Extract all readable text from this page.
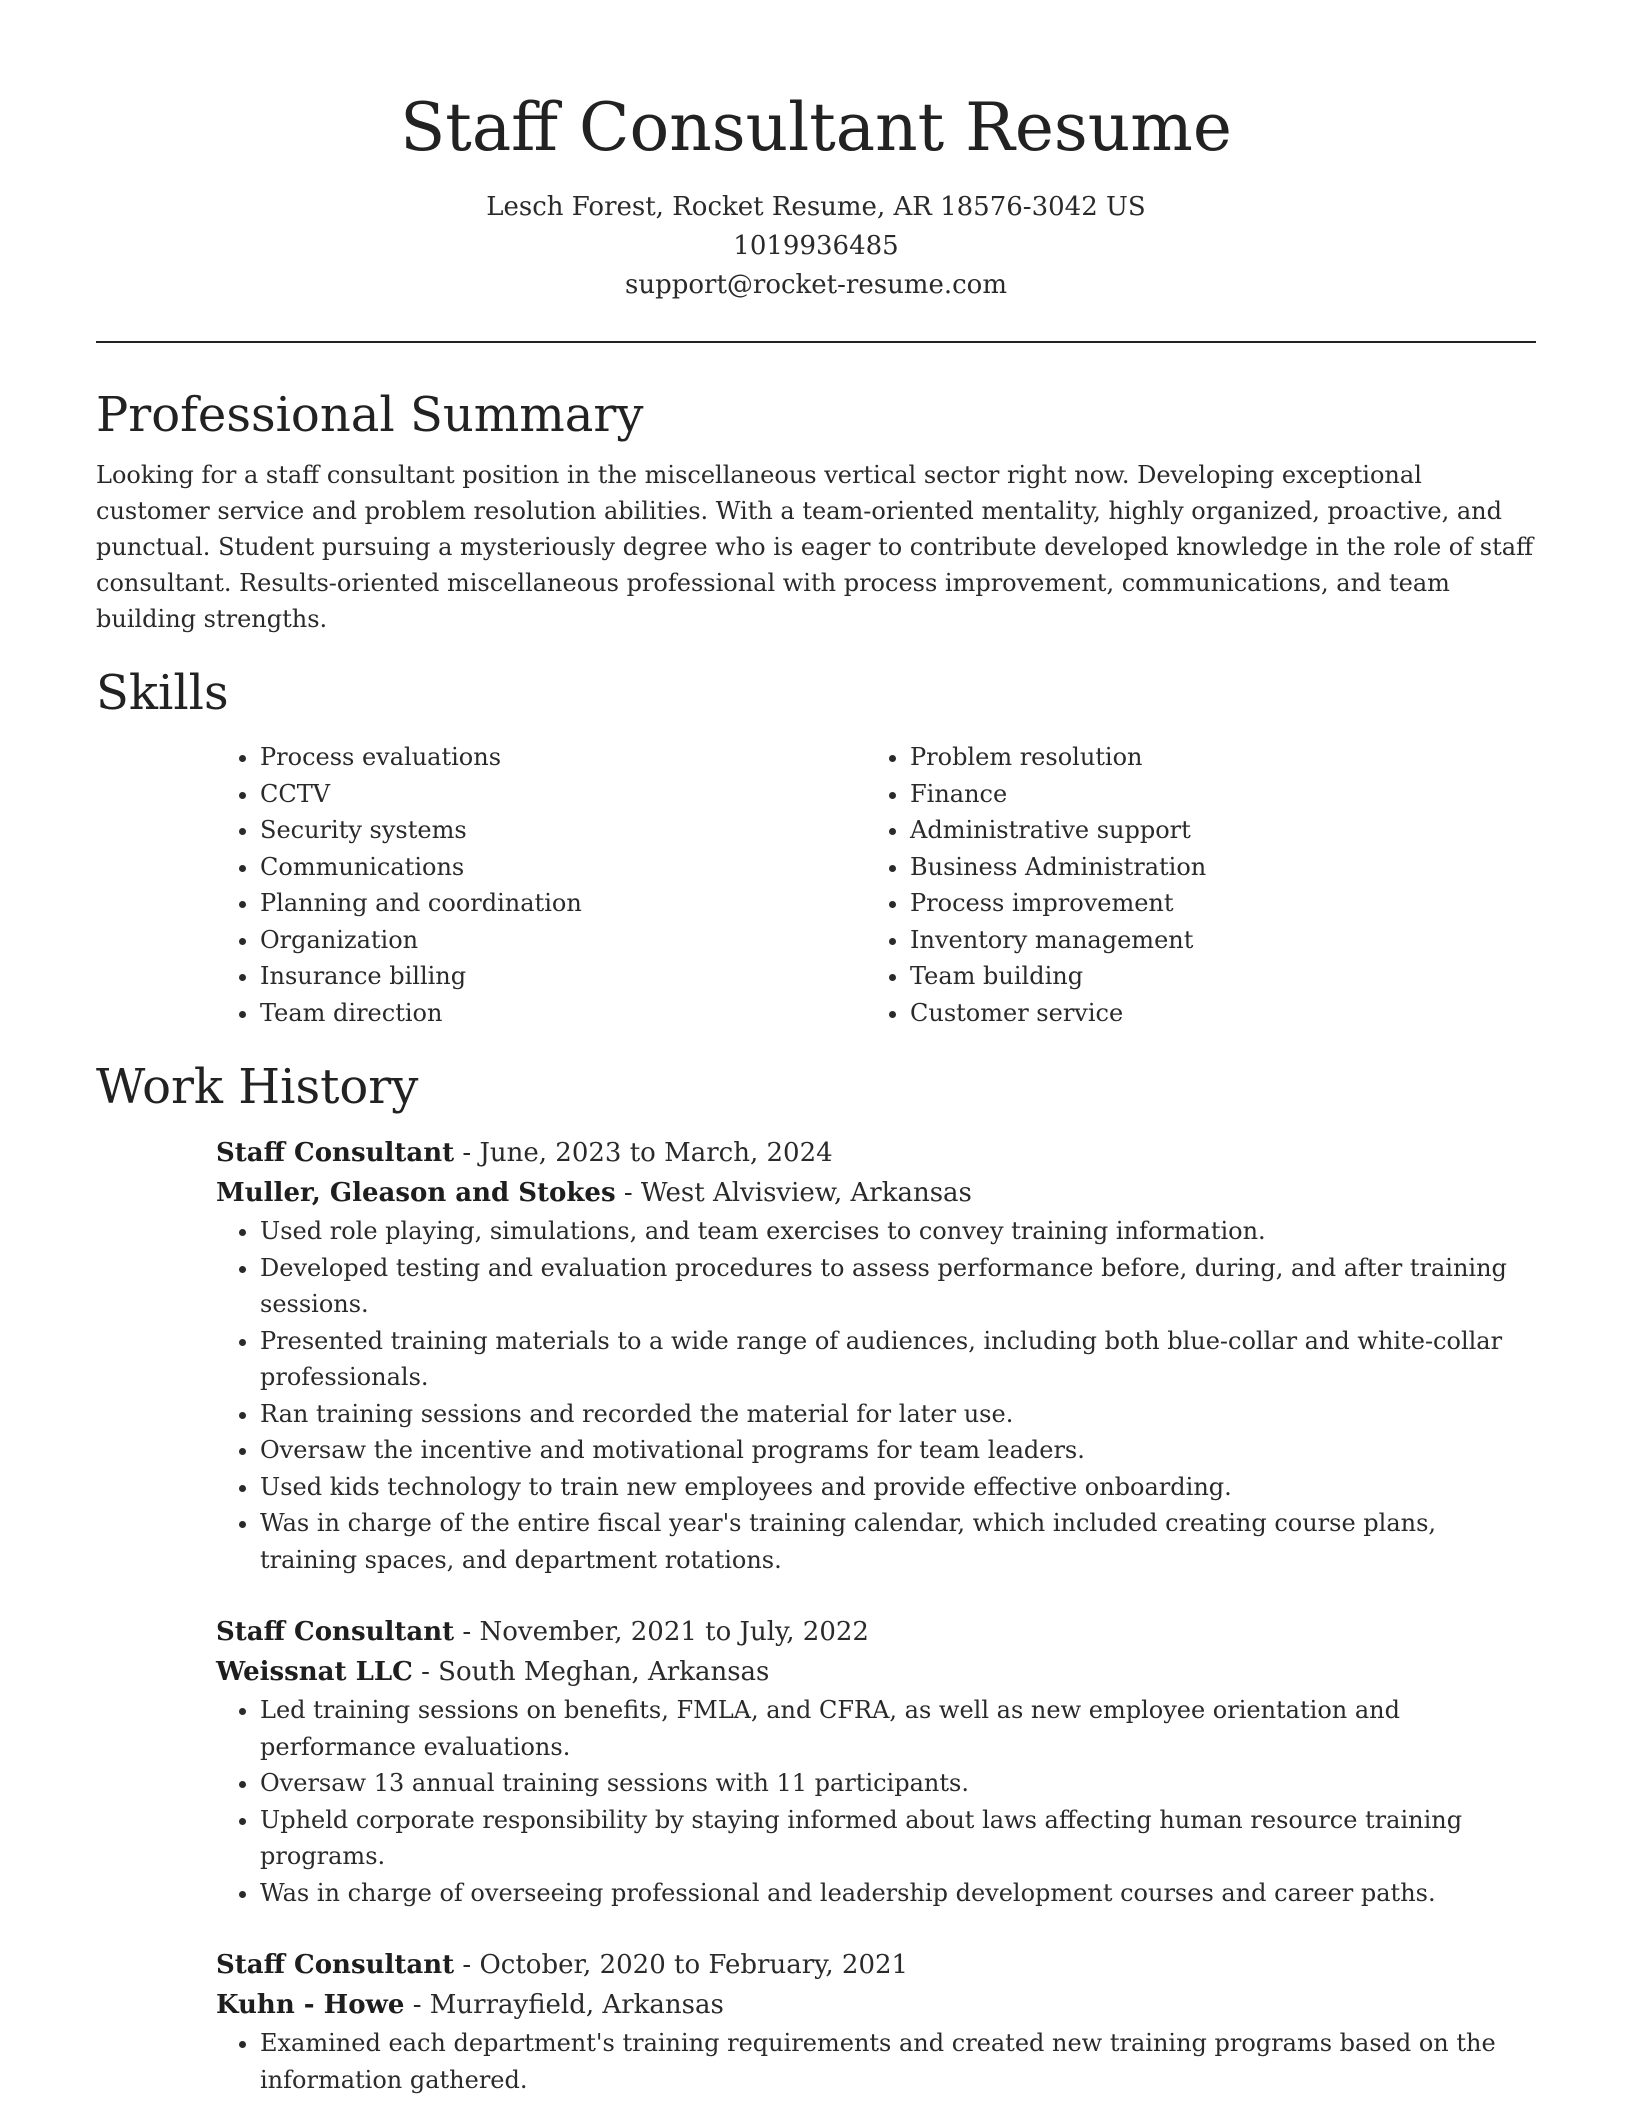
Staff Consultant Resume
Lesch Forest, Rocket Resume, AR 18576-3042 US
1019936485
support@rocket-resume.com
Professional Summary

Looking for a staff consultant position in the miscellaneous vertical sector right now. Developing exceptional customer service and problem resolution abilities. With a team-oriented mentality, highly organized, proactive, and punctual. Student pursuing a mysteriously degree who is eager to contribute developed knowledge in the role of staff consultant. Results-oriented miscellaneous professional with process improvement, communications, and team building strengths.

Skills
• Process evaluations
• CCTV
• Security systems
• Communications
• Planning and coordination
• Organization
• Insurance billing
• Team direction
• Problem resolution
• Finance
• Administrative support
• Business Administration
• Process improvement
• Inventory management
• Team building
• Customer service
Work History
Staff Consultant - June, 2023 to March, 2024
Muller, Gleason and Stokes - West Alvisview, Arkansas
• Used role playing, simulations, and team exercises to convey training information.
• Developed testing and evaluation procedures to assess performance before, during, and after training sessions.
• Presented training materials to a wide range of audiences, including both blue-collar and white-collar professionals.
• Ran training sessions and recorded the material for later use.
• Oversaw the incentive and motivational programs for team leaders.
• Used kids technology to train new employees and provide effective onboarding.
• Was in charge of the entire fiscal year's training calendar, which included creating course plans, training spaces, and department rotations.
Staff Consultant - November, 2021 to July, 2022
Weissnat LLC - South Meghan, Arkansas
• Led training sessions on benefits, FMLA, and CFRA, as well as new employee orientation and performance evaluations.
• Oversaw 13 annual training sessions with 11 participants.
• Upheld corporate responsibility by staying informed about laws affecting human resource training programs.
• Was in charge of overseeing professional and leadership development courses and career paths.
Staff Consultant - October, 2020 to February, 2021
Kuhn - Howe - Murrayfield, Arkansas
• Examined each department's training requirements and created new training programs based on the information gathered.
